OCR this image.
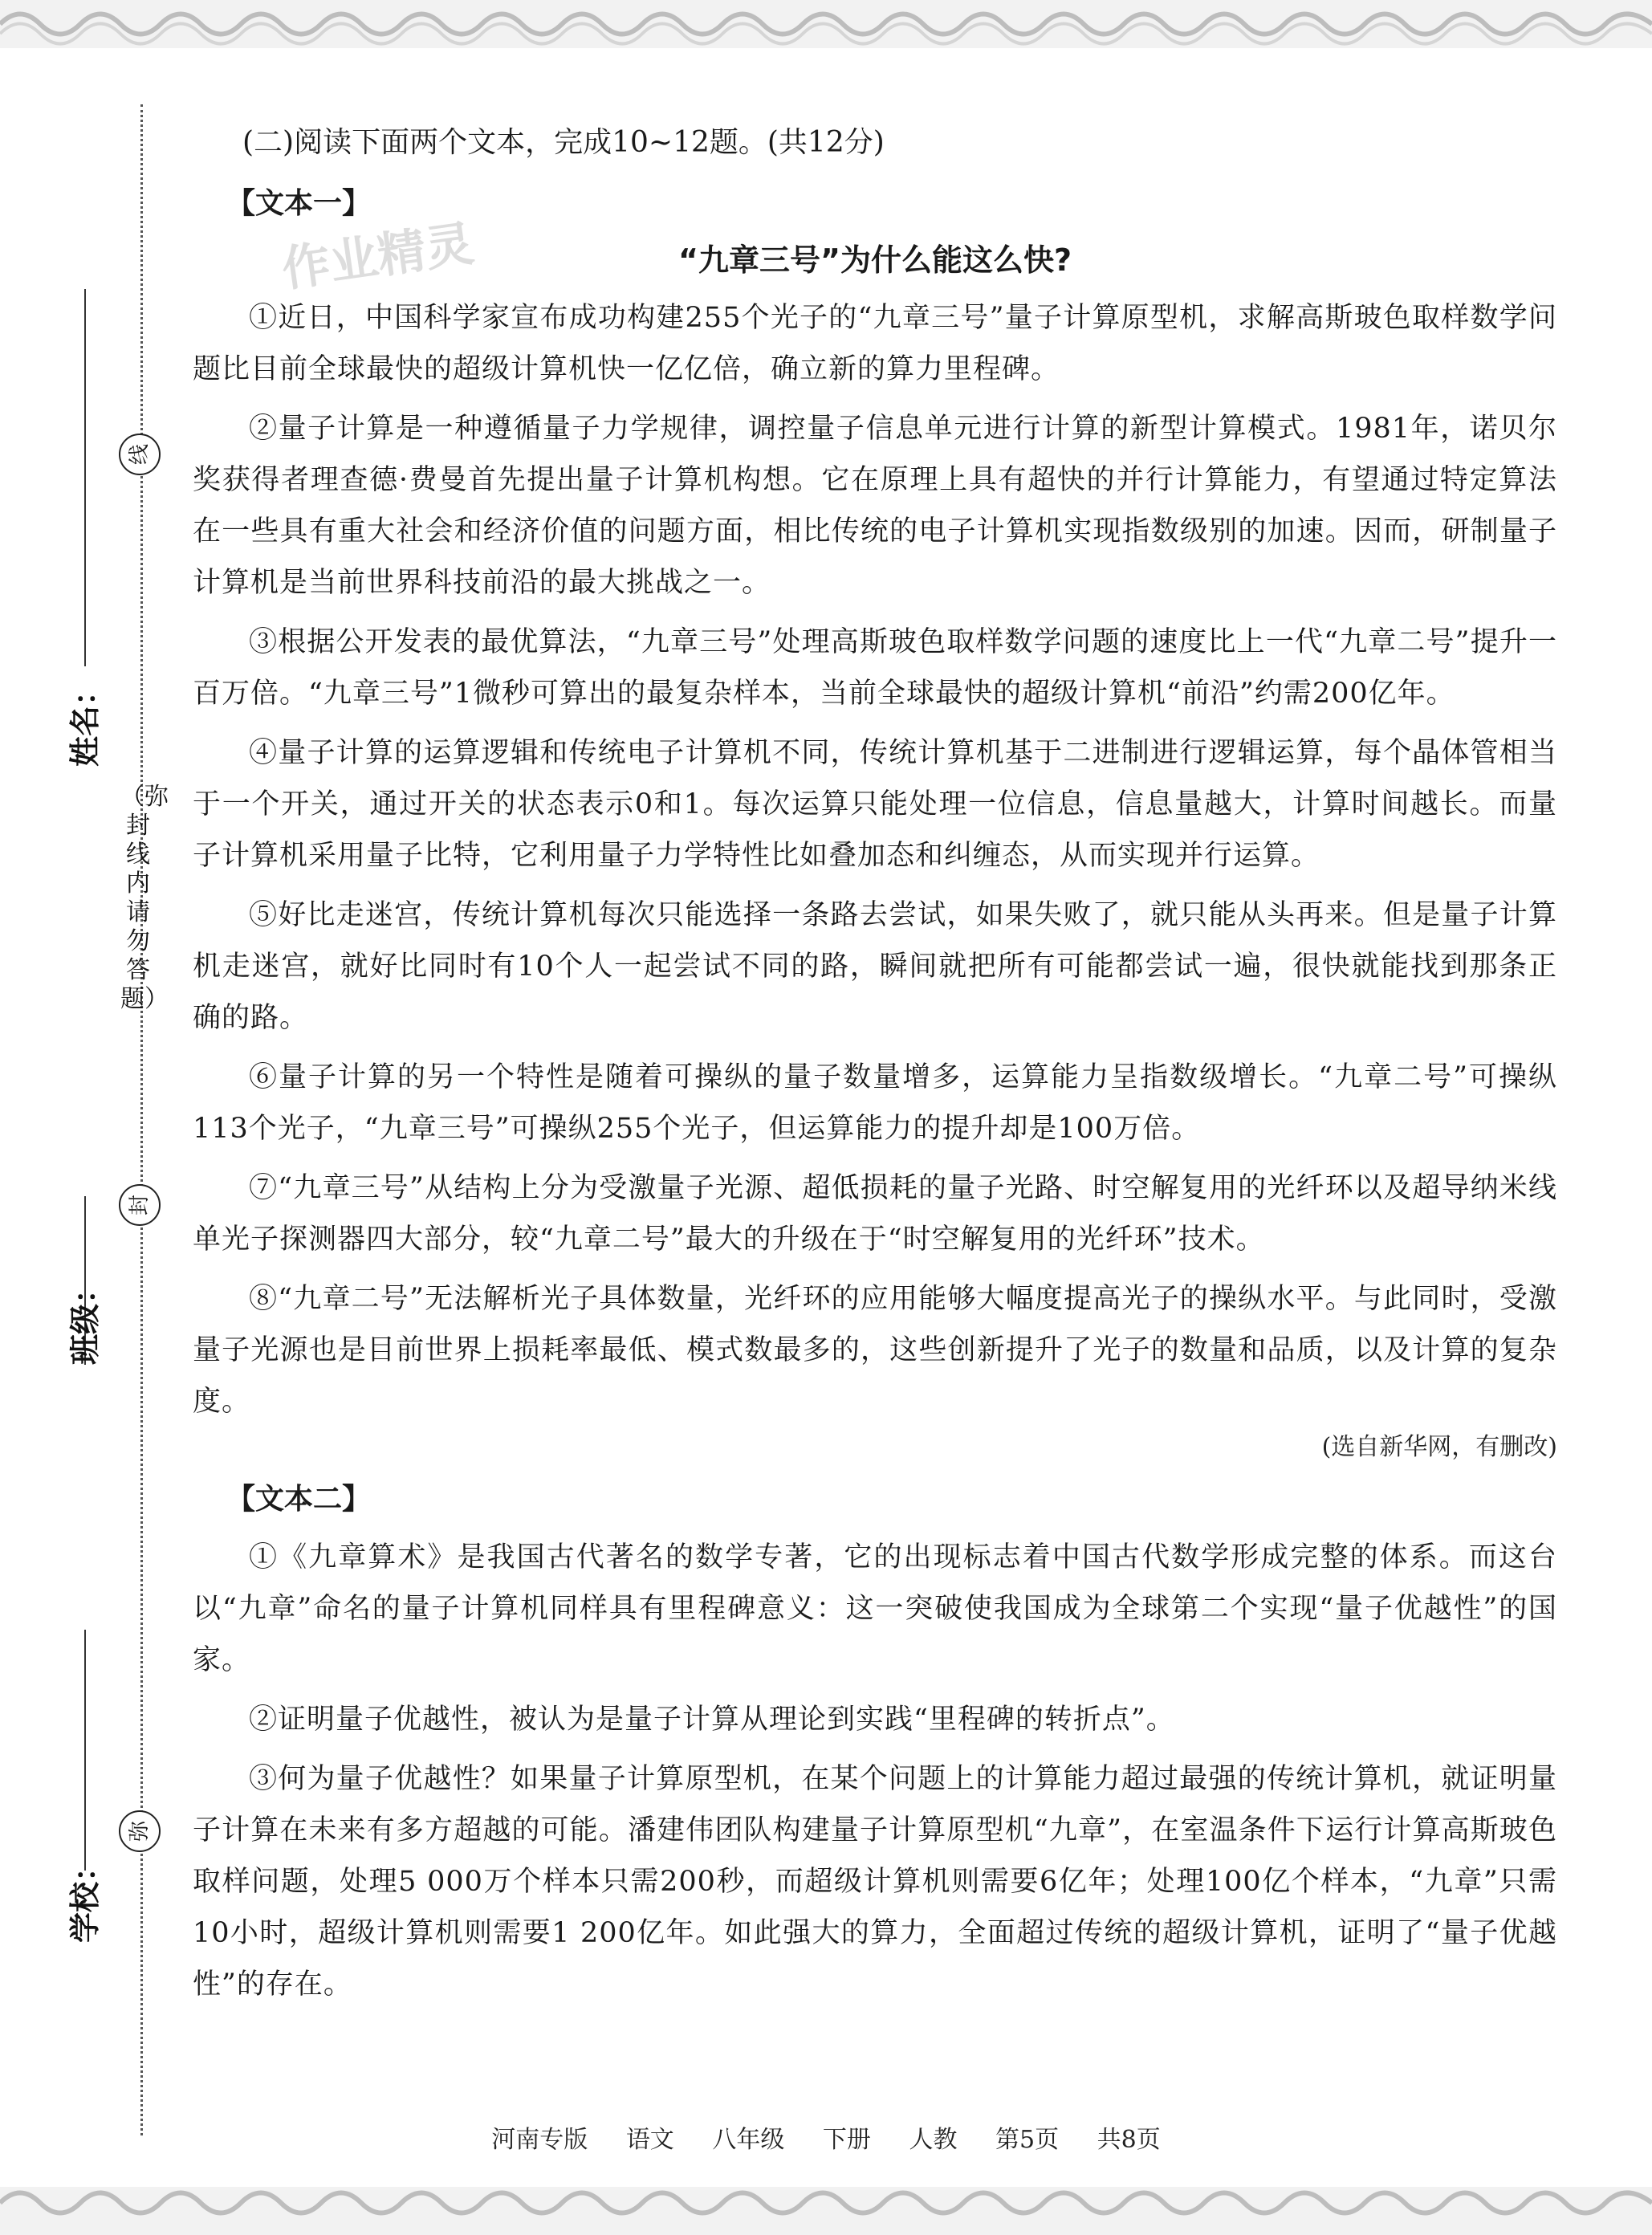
姓名：
班级：
学校：
线
（弥封线内请勿答题）
封
弥
作业精灵
(二)阅读下面两个文本，完成10~12题。(共12分)
【文本一】
“九章三号”为什么能这么快?

①近日，中国科学家宣布成功构建255个光子的“九章三号”量子计算原型机，求解高斯玻色取样数学问题比目前全球最快的超级计算机快一亿亿倍，确立新的算力里程碑。

②量子计算是一种遵循量子力学规律，调控量子信息单元进行计算的新型计算模式。1981年，诺贝尔奖获得者理查德·费曼首先提出量子计算机构想。它在原理上具有超快的并行计算能力，有望通过特定算法在一些具有重大社会和经济价值的问题方面，相比传统的电子计算机实现指数级别的加速。因而，研制量子计算机是当前世界科技前沿的最大挑战之一。

③根据公开发表的最优算法，“九章三号”处理高斯玻色取样数学问题的速度比上一代“九章二号”提升一百万倍。“九章三号”1微秒可算出的最复杂样本，当前全球最快的超级计算机“前沿”约需200亿年。

④量子计算的运算逻辑和传统电子计算机不同，传统计算机基于二进制进行逻辑运算，每个晶体管相当于一个开关，通过开关的状态表示0和1。每次运算只能处理一位信息，信息量越大，计算时间越长。而量子计算机采用量子比特，它利用量子力学特性比如叠加态和纠缠态，从而实现并行运算。

⑤好比走迷宫，传统计算机每次只能选择一条路去尝试，如果失败了，就只能从头再来。但是量子计算机走迷宫，就好比同时有10个人一起尝试不同的路，瞬间就把所有可能都尝试一遍，很快就能找到那条正确的路。

⑥量子计算的另一个特性是随着可操纵的量子数量增多，运算能力呈指数级增长。“九章二号”可操纵113个光子，“九章三号”可操纵255个光子，但运算能力的提升却是100万倍。

⑦“九章三号”从结构上分为受激量子光源、超低损耗的量子光路、时空解复用的光纤环以及超导纳米线单光子探测器四大部分，较“九章二号”最大的升级在于“时空解复用的光纤环”技术。

⑧“九章二号”无法解析光子具体数量，光纤环的应用能够大幅度提高光子的操纵水平。与此同时，受激量子光源也是目前世界上损耗率最低、模式数最多的，这些创新提升了光子的数量和品质，以及计算的复杂度。

(选自新华网，有删改)
【文本二】

①《九章算术》是我国古代著名的数学专著，它的出现标志着中国古代数学形成完整的体系。而这台以“九章”命名的量子计算机同样具有里程碑意义：这一突破使我国成为全球第二个实现“量子优越性”的国家。

②证明量子优越性，被认为是量子计算从理论到实践“里程碑的转折点”。

③何为量子优越性？如果量子计算原型机，在某个问题上的计算能力超过最强的传统计算机，就证明量子计算在未来有多方超越的可能。潘建伟团队构建量子计算原型机“九章”，在室温条件下运行计算高斯玻色取样问题，处理5 000万个样本只需200秒，而超级计算机则需要6亿年；处理100亿个样本，“九章”只需10小时，超级计算机则需要1 200亿年。如此强大的算力，全面超过传统的超级计算机，证明了“量子优越性”的存在。

河南专版 语文 八年级 下册 人教 第5页 共8页
